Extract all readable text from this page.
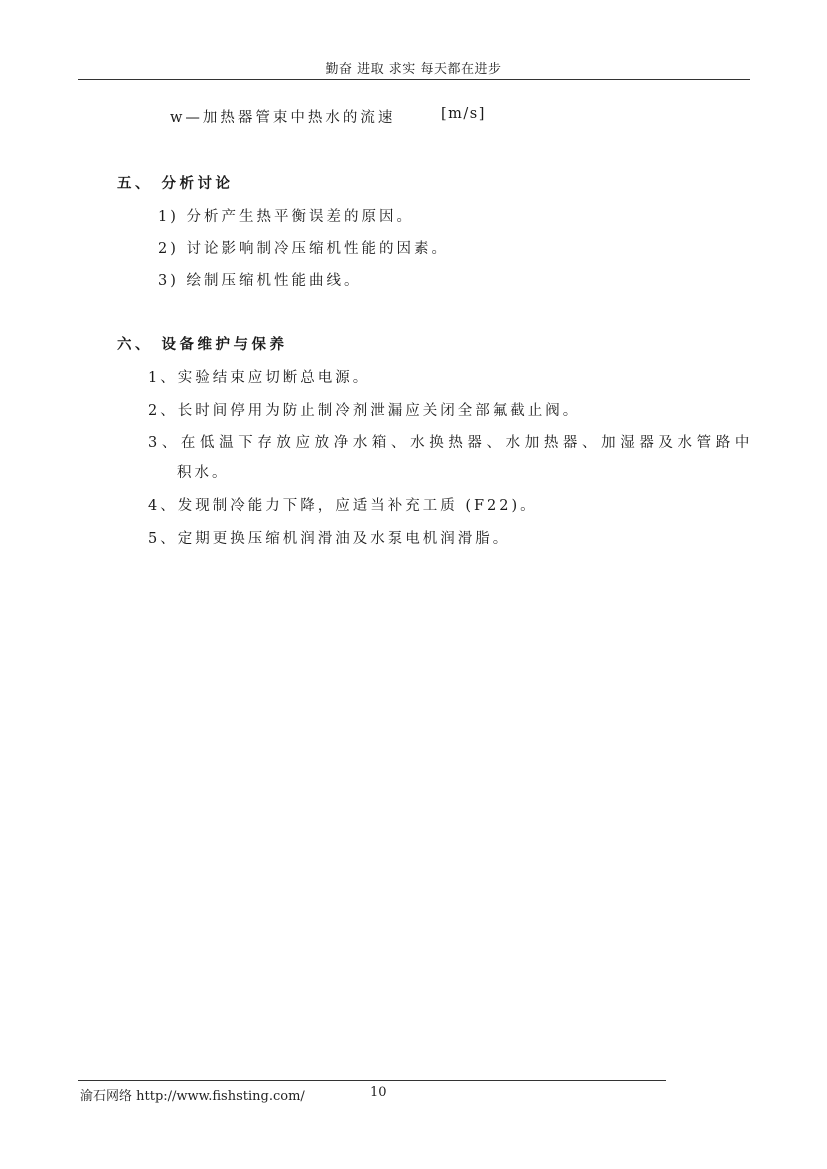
勤奋 进取 求实 每天都在进步
w—加热器管束中热水的流速	[m/s]
五、 分析讨论
1) 分析产生热平衡误差的原因。
2) 讨论影响制冷压缩机性能的因素。
3) 绘制压缩机性能曲线。
六、 设备维护与保养
1、实验结束应切断总电源。
2、长时间停用为防止制冷剂泄漏应关闭全部氟截止阀。
3、在低温下存放应放净水箱、水换热器、水加热器、加湿器及水管路中
积水。
4、发现制冷能力下降，应适当补充工质 (F22)。
5、定期更换压缩机润滑油及水泵电机润滑脂。
渝石网络 http://www.fishsting.com/	10
